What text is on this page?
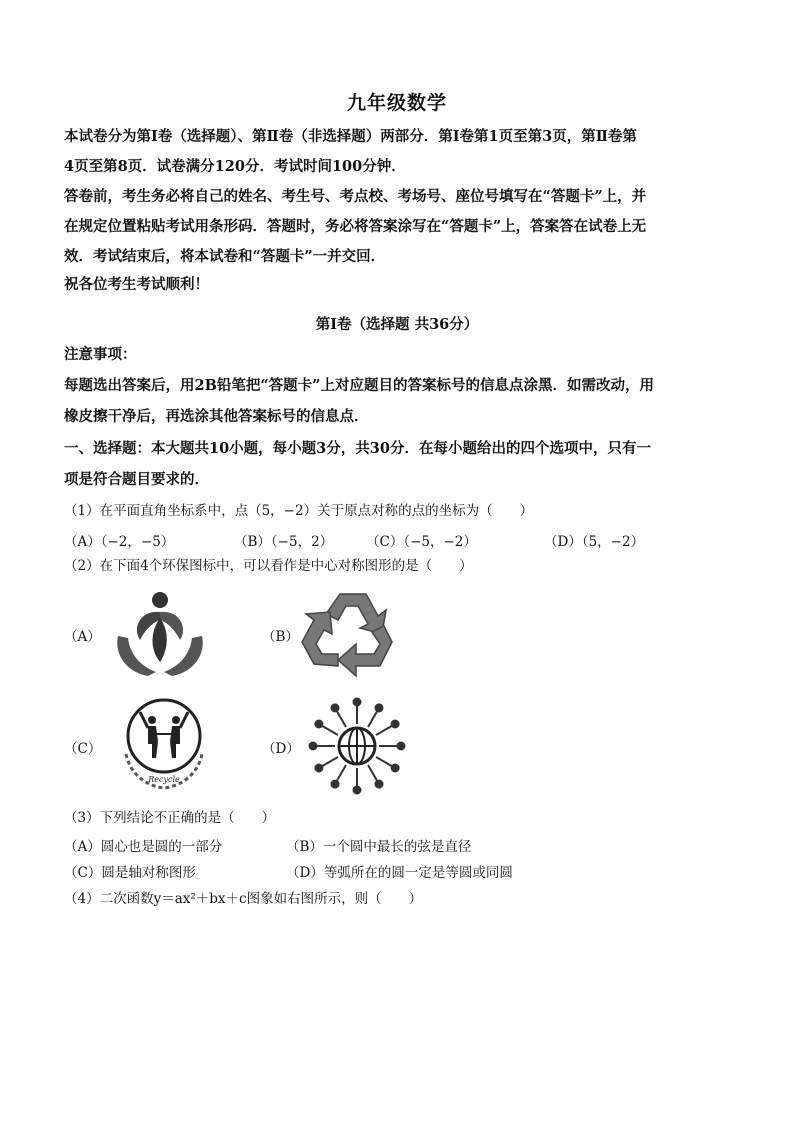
九年级数学
本试卷分为第Ⅰ卷（选择题）、第Ⅱ卷（非选择题）两部分．第Ⅰ卷第1页至第3页，第Ⅱ卷第
4页至第8页．试卷满分120分．考试时间100分钟．
答卷前，考生务必将自己的姓名、考生号、考点校、考场号、座位号填写在“答题卡”上，并
在规定位置粘贴考试用条形码．答题时，务必将答案涂写在“答题卡”上，答案答在试卷上无
效．考试结束后，将本试卷和“答题卡”一并交回．
祝各位考生考试顺利！
第Ⅰ卷（选择题 共36分）
注意事项：
每题选出答案后，用2B铅笔把“答题卡”上对应题目的答案标号的信息点涂黑．如需改动，用
橡皮擦干净后，再选涂其他答案标号的信息点．
一、选择题：本大题共10小题，每小题3分，共30分．在每小题给出的四个选项中，只有一
项是符合题目要求的．
（1）在平面直角坐标系中，点（5，−2）关于原点对称的点的坐标为（　　）
（A）（−2，−5）	（B）（−5，2） （C）（−5，−2）	（D）（5，−2）
（2）在下面4个环保图标中，可以看作是中心对称图形的是（　　）
（A）	（B）
（C）	（D）
Recycle
（3）下列结论不正确的是（　　）
（A）圆心也是圆的一部分	（B）一个圆中最长的弦是直径
（C）圆是轴对称图形	（D）等弧所在的圆一定是等圆或同圆
（4）二次函数y＝ax²＋bx＋c图象如右图所示，则（　　）
